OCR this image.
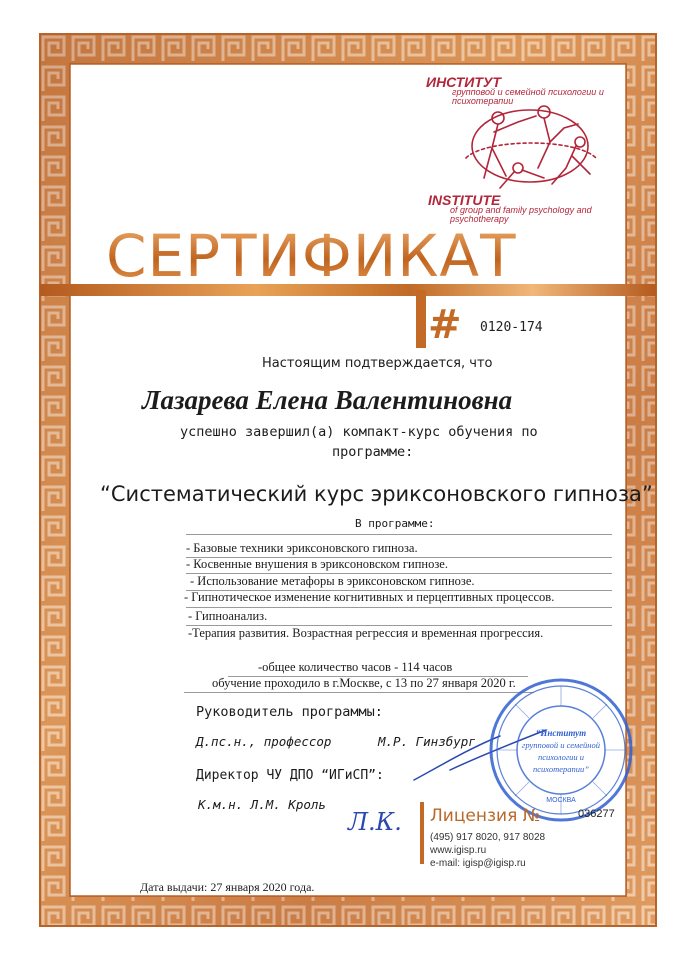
СЕРТИФИКАТ
ИНСТИТУТ
групповой и семейной психологии и психотерапии
INSTITUTE
of group and family psychology and psychotherapy
# 0120-174
Настоящим подтверждается, что
Лазарева Елена Валентиновна
успешно завершил(а) компакт-курс обучения по
программе:
“Систематический курс эриксоновского гипноза”
В программе:
- Базовые техники эриксоновского гипноза.
- Косвенные внушения в эриксоновском гипнозе.
- Использование метафоры в эриксоновском гипнозе.
- Гипнотическое изменение когнитивных и перцептивных процессов.
- Гипноанализ.
-Терапия развития. Возрастная регрессия и временная прогрессия.
-общее количество часов - 114 часов
обучение проходило в г.Москве, с 13 по 27 января 2020 г.
Руководитель программы:
Д.пс.н., профессор	М.Р. Гинзбург
Директор ЧУ ДПО “ИГиСП”:
К.м.н. Л.М. Кроль
Л.К.
“Институт
групповой и семейной
психологии и
психотерапии”
МОСКВА
Лицензия №	036277
(495) 917 8020, 917 8028
www.igisp.ru
e-mail: igisp@igisp.ru
Дата выдачи: 27 января 2020 года.
